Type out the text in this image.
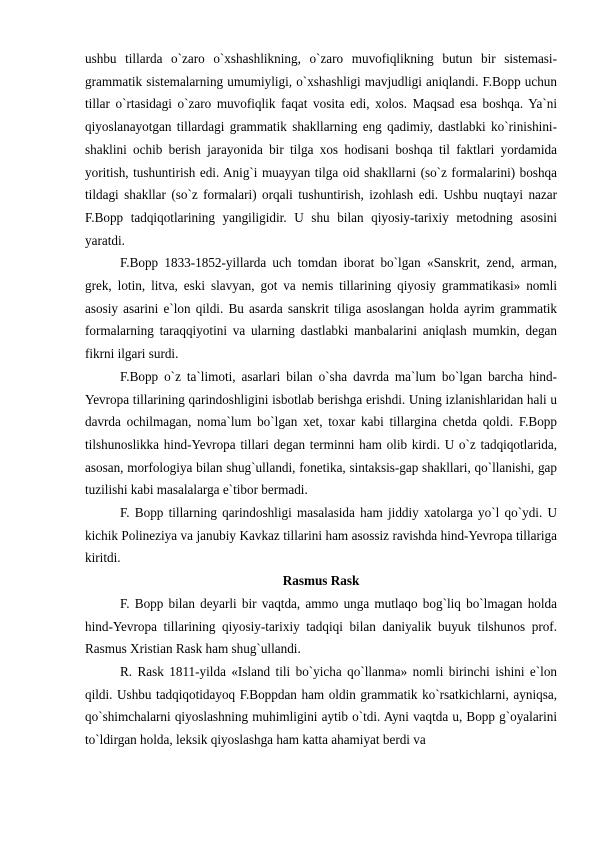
ushbu tillarda o`zaro o`xshashlikning, o`zaro muvofiqlikning butun bir sistemasi-grammatik sistemalarning umumiyligi, o`xshashligi mavjudligi aniqlandi. F.Bopp uchun tillar o`rtasidagi o`zaro muvofiqlik faqat vosita edi, xolos. Maqsad esa boshqa. Ya`ni qiyoslanayotgan tillardagi grammatik shakllarning eng qadimiy, dastlabki ko`rinishini-shaklini ochib berish jarayonida bir tilga xos hodisani boshqa til faktlari yordamida yoritish, tushuntirish edi. Anig`i muayyan tilga oid shakllarni (so`z formalarini) boshqa tildagi shakllar (so`z formalari) orqali tushuntirish, izohlash edi. Ushbu nuqtayi nazar F.Bopp tadqiqotlarining yangiligidir. U shu bilan qiyosiy-tarixiy metodning asosini yaratdi.

F.Bopp 1833-1852-yillarda uch tomdan iborat bo`lgan «Sanskrit, zend, arman, grek, lotin, litva, eski slavyan, got va nemis tillarining qiyosiy grammatikasi» nomli asosiy asarini e`lon qildi. Bu asarda sanskrit tiliga asoslangan holda ayrim grammatik formalarning taraqqiyotini va ularning dastlabki manbalarini aniqlash mumkin, degan fikrni ilgari surdi.

F.Bopp o`z ta`limoti, asarlari bilan o`sha davrda ma`lum bo`lgan barcha hind-Yevropa tillarining qarindoshligini isbotlab berishga erishdi. Uning izlanishlaridan hali u davrda ochilmagan, noma`lum bo`lgan xet, toxar kabi tillargina chetda qoldi. F.Bopp tilshunoslikka hind-Yevropa tillari degan terminni ham olib kirdi. U o`z tadqiqotlarida, asosan, morfologiya bilan shug`ullandi, fonetika, sintaksis-gap shakllari, qo`llanishi, gap tuzilishi kabi masalalarga e`tibor bermadi.

F. Bopp tillarning qarindoshligi masalasida ham jiddiy xatolarga yo`l qo`ydi. U kichik Polineziya va janubiy Kavkaz tillarini ham asossiz ravishda hind-Yevropa tillariga kiritdi.

Rasmus Rask

F. Bopp bilan deyarli bir vaqtda, ammo unga mutlaqo bog`liq bo`lmagan holda hind-Yevropa tillarining qiyosiy-tarixiy tadqiqi bilan daniyalik buyuk tilshunos prof. Rasmus Xristian Rask ham shug`ullandi.

R. Rask 1811-yilda «Island tili bo`yicha qo`llanma» nomli birinchi ishini e`lon qildi. Ushbu tadqiqotidayoq F.Boppdan ham oldin grammatik ko`rsatkichlarni, ayniqsa, qo`shimchalarni qiyoslashning muhimligini aytib o`tdi. Ayni vaqtda u, Bopp g`oyalarini to`ldirgan holda, leksik qiyoslashga ham katta ahamiyat berdi va
